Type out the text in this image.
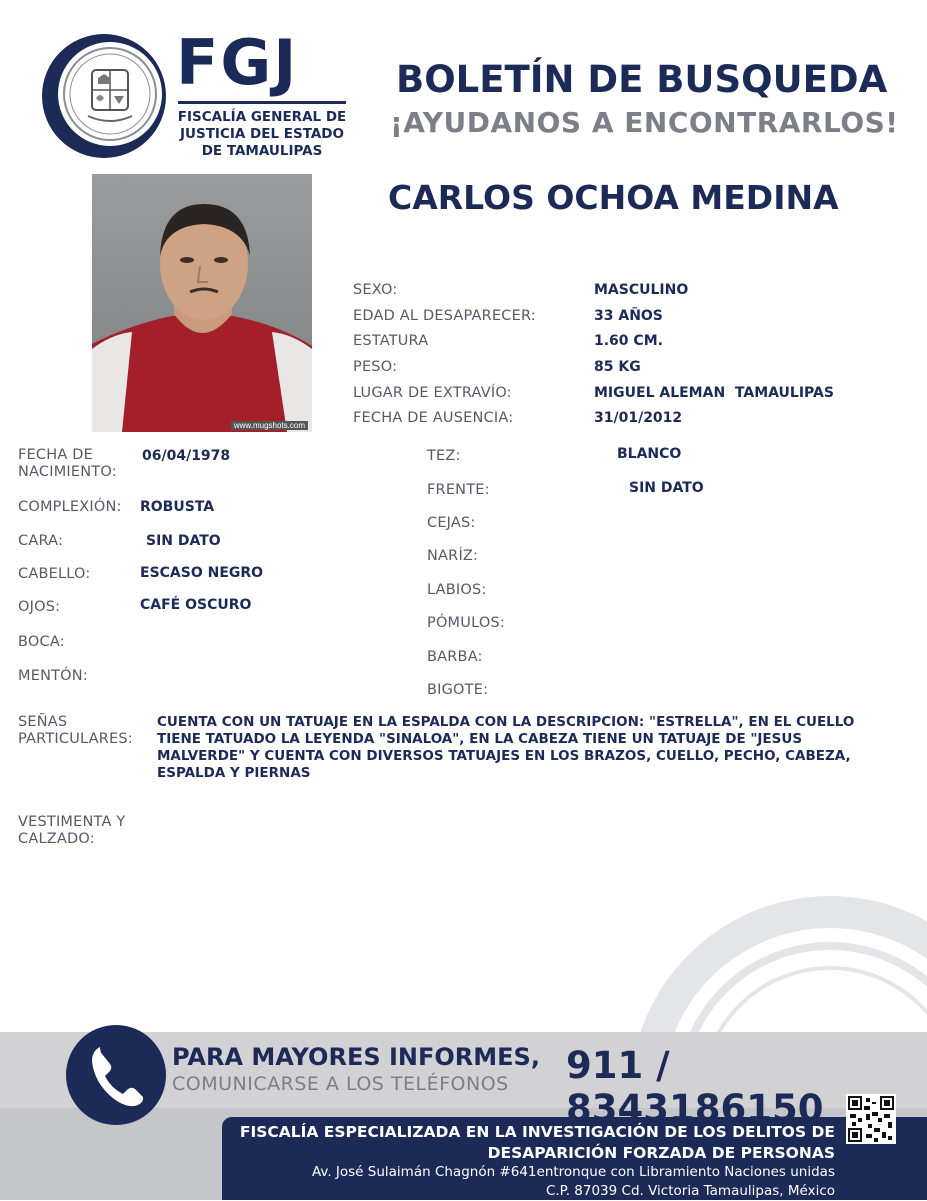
FGJ
FISCALÍA GENERAL DE
JUSTICIA DEL ESTADO
DE TAMAULIPAS
BOLETÍN DE BUSQUEDA
¡AYUDANOS A ENCONTRARLOS!
www.mugshots.com
CARLOS OCHOA MEDINA
SEXO:	MASCULINO
EDAD AL DESAPARECER:	33 AÑOS
ESTATURA	1.60 CM.
PESO:	85 KG
LUGAR DE EXTRAVÍO:	MIGUEL ALEMAN  TAMAULIPAS
FECHA DE AUSENCIA:	31/01/2012
FECHA DE
NACIMIENTO:
06/04/1978
COMPLEXIÓN: ROBUSTA
CARA:	SIN DATO
CABELLO:	ESCASO NEGRO
OJOS:	CAFÉ OSCURO
BOCA:
MENTÓN:
TEZ:	BLANCO
FRENTE:	SIN DATO
CEJAS:
NARÍZ:
LABIOS:
PÓMULOS:
BARBA:
BIGOTE:
SEÑAS
PARTICULARES:
CUENTA CON UN TATUAJE EN LA ESPALDA CON LA DESCRIPCION: "ESTRELLA", EN EL CUELLO TIENE TATUADO LA LEYENDA "SINALOA", EN LA CABEZA TIENE UN TATUAJE DE "JESUS MALVERDE" Y CUENTA CON DIVERSOS TATUAJES EN LOS BRAZOS, CUELLO, PECHO, CABEZA, ESPALDA Y PIERNAS
VESTIMENTA Y
CALZADO:
PARA MAYORES INFORMES,
COMUNICARSE A LOS TELÉFONOS 911 / 8343186150
FISCALÍA ESPECIALIZADA EN LA INVESTIGACIÓN DE LOS DELITOS DE
DESAPARICIÓN FORZADA DE PERSONAS
Av. José Sulaimán Chagnón #641entronque con Libramiento Naciones unidas
C.P. 87039 Cd. Victoria Tamaulipas, México
